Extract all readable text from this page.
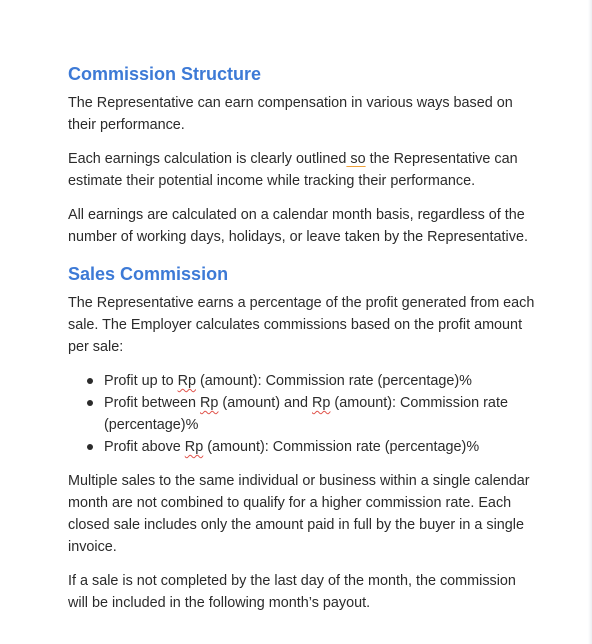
Commission Structure

The Representative can earn compensation in various ways based on their performance.

Each earnings calculation is clearly outlined so the Representative can estimate their potential income while tracking their performance.

All earnings are calculated on a calendar month basis, regardless of the number of working days, holidays, or leave taken by the Representative.

Sales Commission

The Representative earns a percentage of the profit generated from each sale. The Employer calculates commissions based on the profit amount per sale:

Profit up to Rp (amount): Commission rate (percentage)%
Profit between Rp (amount) and Rp (amount): Commission rate (percentage)%
Profit above Rp (amount): Commission rate (percentage)%

Multiple sales to the same individual or business within a single calendar month are not combined to qualify for a higher commission rate. Each closed sale includes only the amount paid in full by the buyer in a single invoice.

If a sale is not completed by the last day of the month, the commission will be included in the following month’s payout.
